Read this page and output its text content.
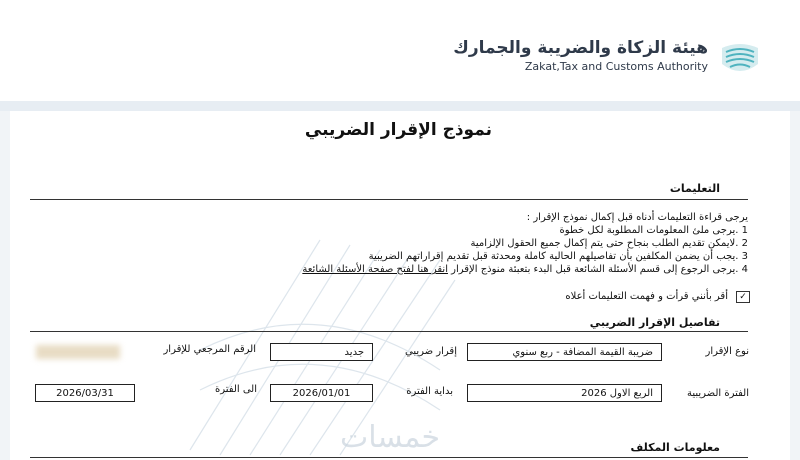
هيئة الزكاة والضريبة والجمارك
Zakat,Tax and Customs Authority
نموذج الإقرار الضريبي
التعليمات
يرجى قراءة التعليمات أدناه قبل إكمال نموذج الإقرار :
1 .يرجى ملئ المعلومات المطلوبة لكل خطوة
2 .لايمكن تقديم الطلب بنجاح حتى يتم إكمال جميع الحقول الإلزامية
3 .يجب أن يضمن المكلفين بأن تفاصيلهم الحالية كاملة ومحدثة قبل تقديم إقراراتهم الضريبية
4 .يرجى الرجوع إلى قسم الأسئلة الشائعة قبل البدء بتعبئة منوذج الإقرار انقر هنا لفتح صفحة الأسئلة الشائعة
✓
أقر بأنني قرأت و فهمت التعليمات أعلاه
تفاصيل الإقرار الضريبي
نوع الإقرار
ضريبة القيمة المضافة - ربع سنوي
إقرار ضريبي
جديد
الرقم المرجعي للإقرار
الفترة الضريبية
الربع الاول 2026
بداية الفترة
2026/01/01
الى الفترة
2026/03/31
معلومات المكلف
خمسات
